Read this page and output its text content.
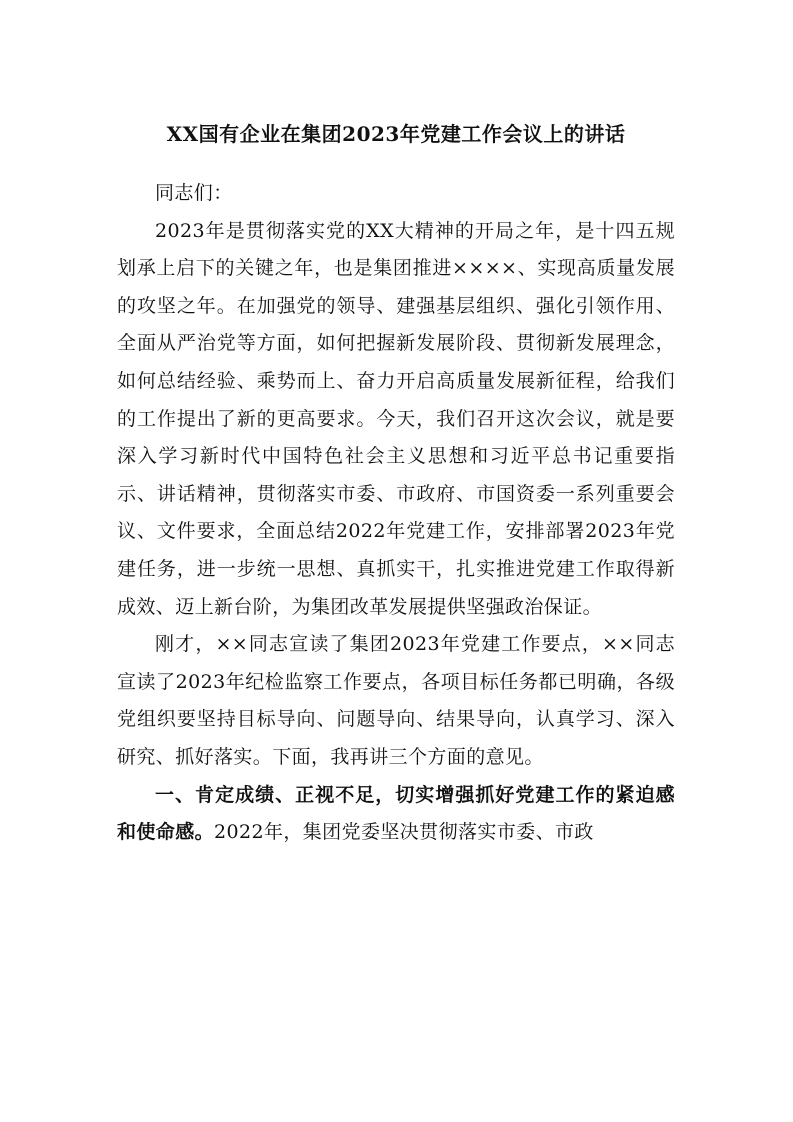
XX国有企业在集团2023年党建工作会议上的讲话

同志们：

2023年是贯彻落实党的XX大精神的开局之年，是十四五规划承上启下的关键之年，也是集团推进××××、实现高质量发展的攻坚之年。在加强党的领导、建强基层组织、强化引领作用、全面从严治党等方面，如何把握新发展阶段、贯彻新发展理念，如何总结经验、乘势而上、奋力开启高质量发展新征程，给我们的工作提出了新的更高要求。今天，我们召开这次会议，就是要深入学习新时代中国特色社会主义思想和习近平总书记重要指示、讲话精神，贯彻落实市委、市政府、市国资委一系列重要会议、文件要求，全面总结2022年党建工作，安排部署2023年党建任务，进一步统一思想、真抓实干，扎实推进党建工作取得新成效、迈上新台阶，为集团改革发展提供坚强政治保证。

刚才，××同志宣读了集团2023年党建工作要点，××同志宣读了2023年纪检监察工作要点，各项目标任务都已明确，各级党组织要坚持目标导向、问题导向、结果导向，认真学习、深入研究、抓好落实。下面，我再讲三个方面的意见。

一、肯定成绩、正视不足，切实增强抓好党建工作的紧迫感和使命感。2022年，集团党委坚决贯彻落实市委、市政
